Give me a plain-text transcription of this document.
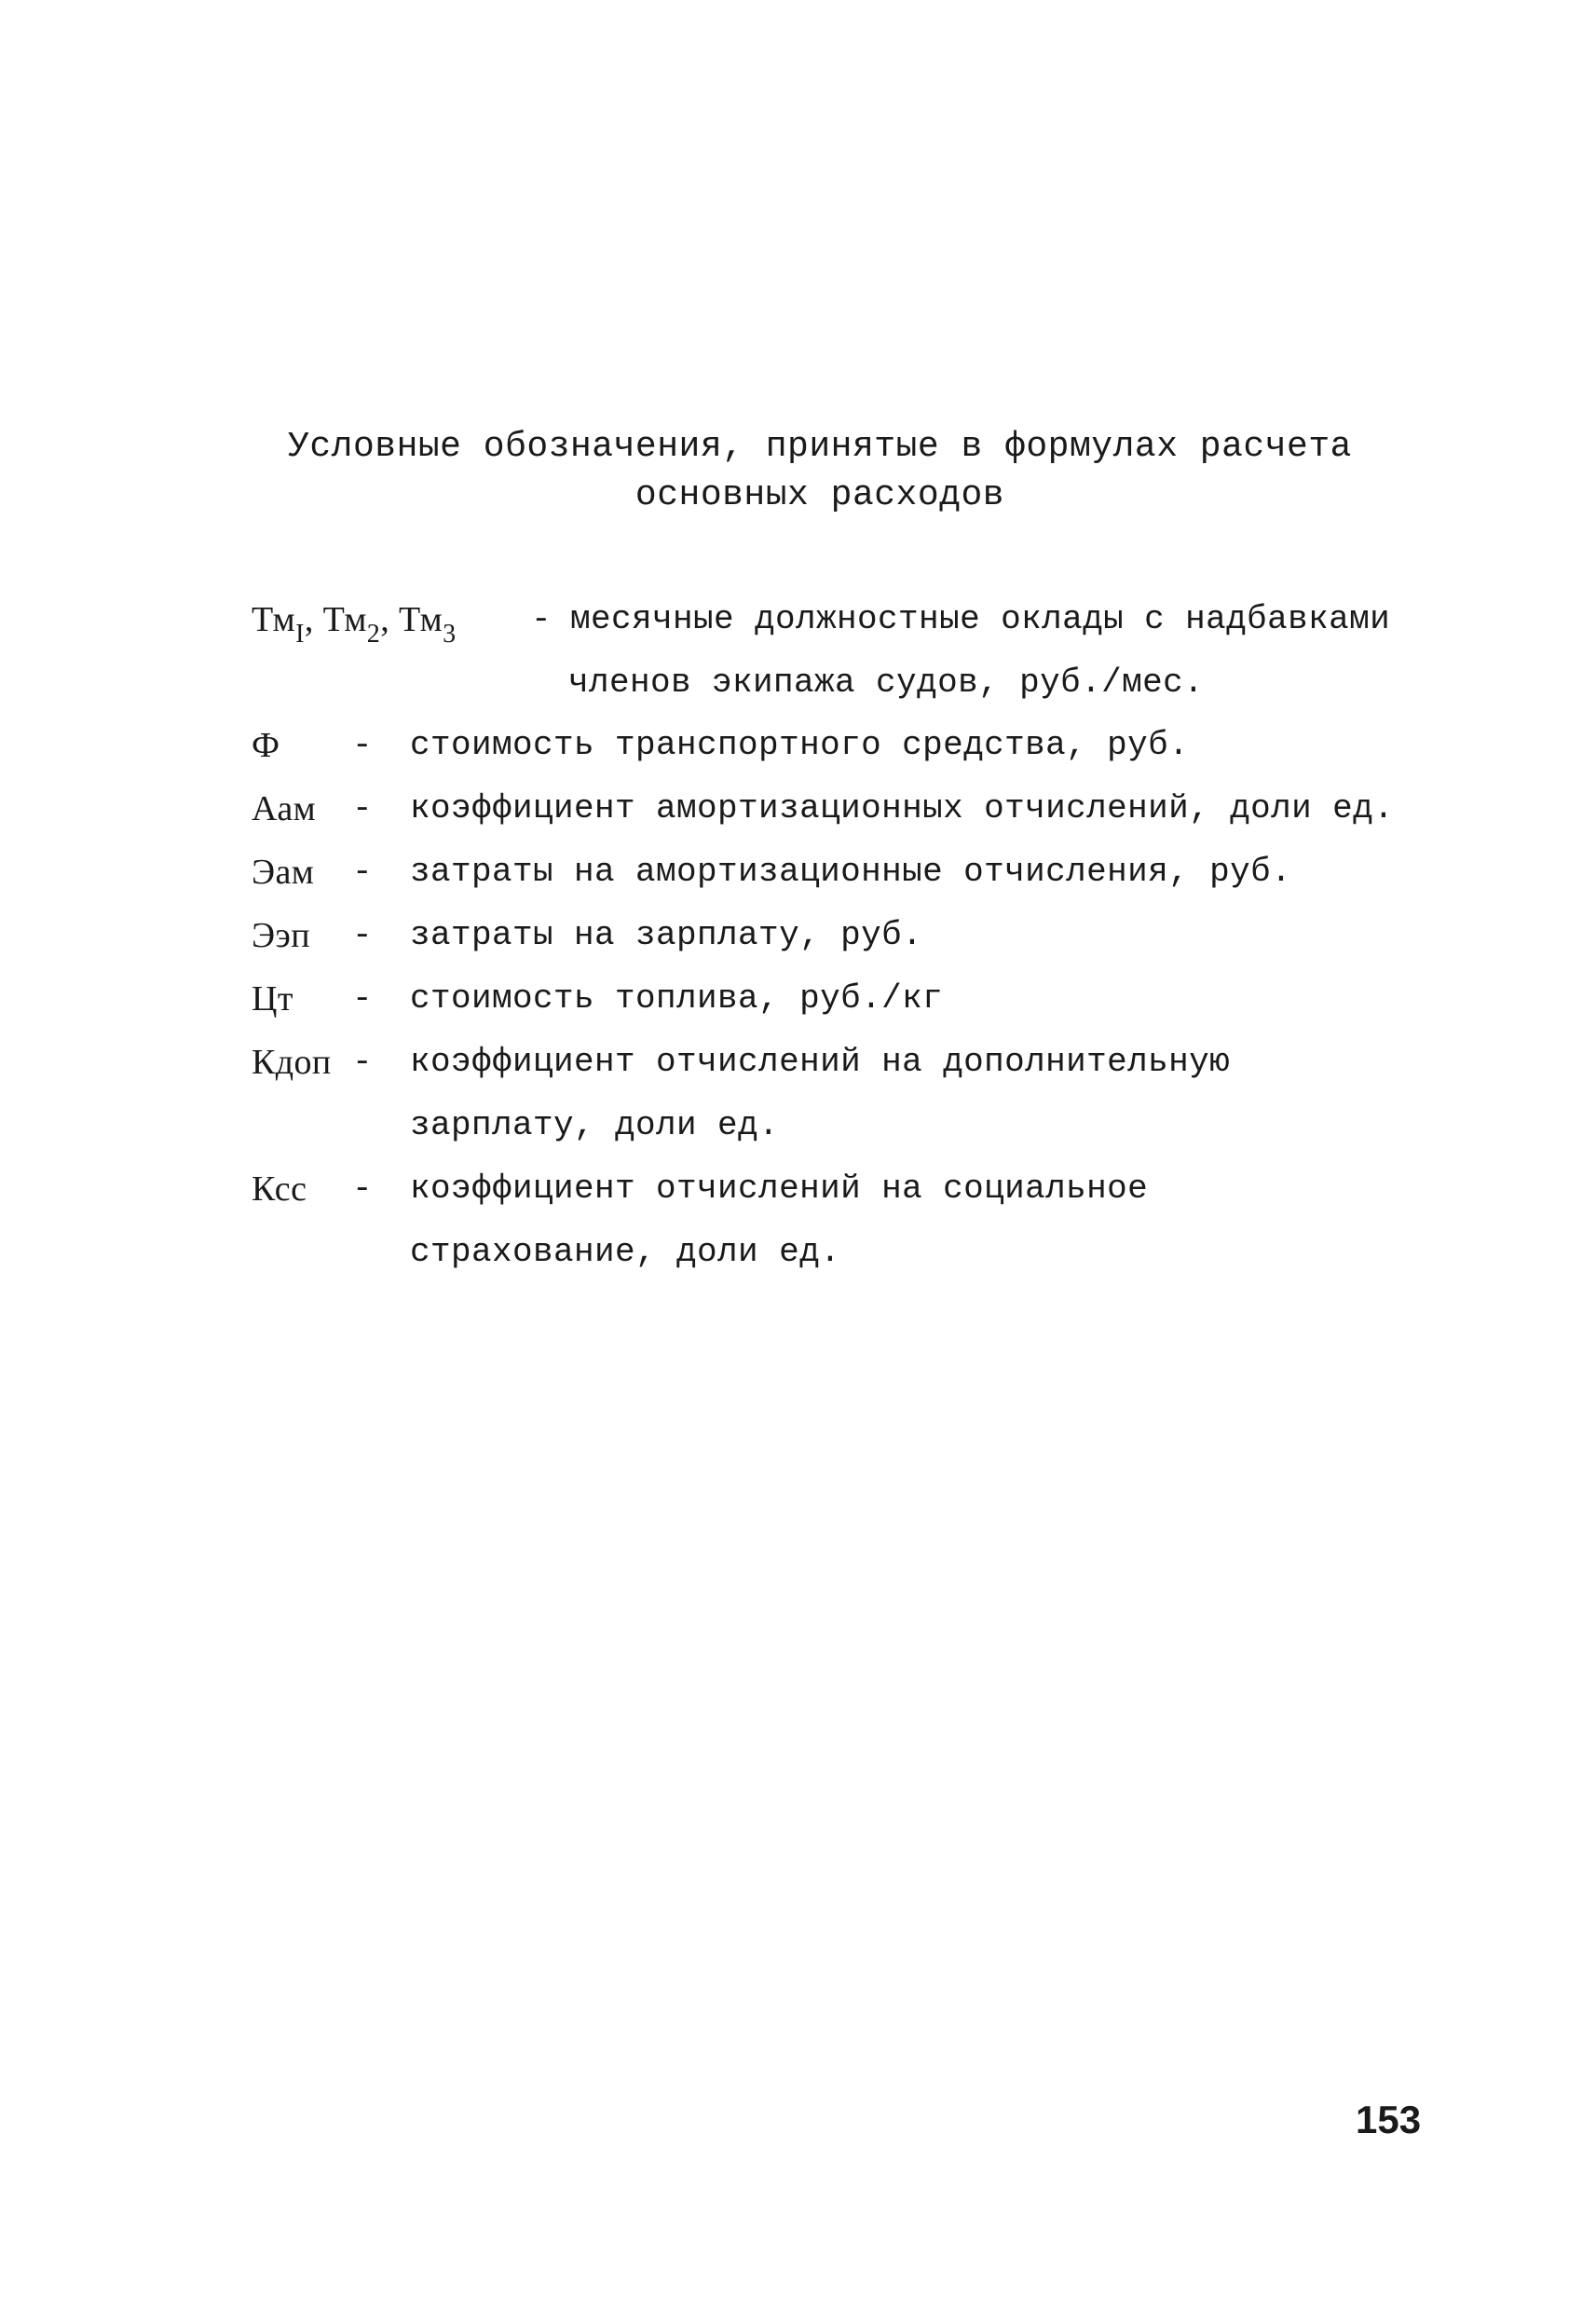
Условные обозначения, принятые в формулах расчета
основных расходов
$Тм_I$, $Тм_2$, $Тм_3$ - месячные должностные оклады с надбавками
членов экипажа судов, руб./мес.
Ф - стоимость транспортного средства, руб.
Аам - коэффициент амортизационных отчислений, доли ед.
Эам - затраты на амортизационные отчисления, руб.
Ээп - затраты на зарплату, руб.
Цт - стоимость топлива, руб./кг
Кдоп - коэффициент отчислений на дополнительную
зарплату, доли ед.
Ксс - коэффициент отчислений на социальное
страхование, доли ед.
153
